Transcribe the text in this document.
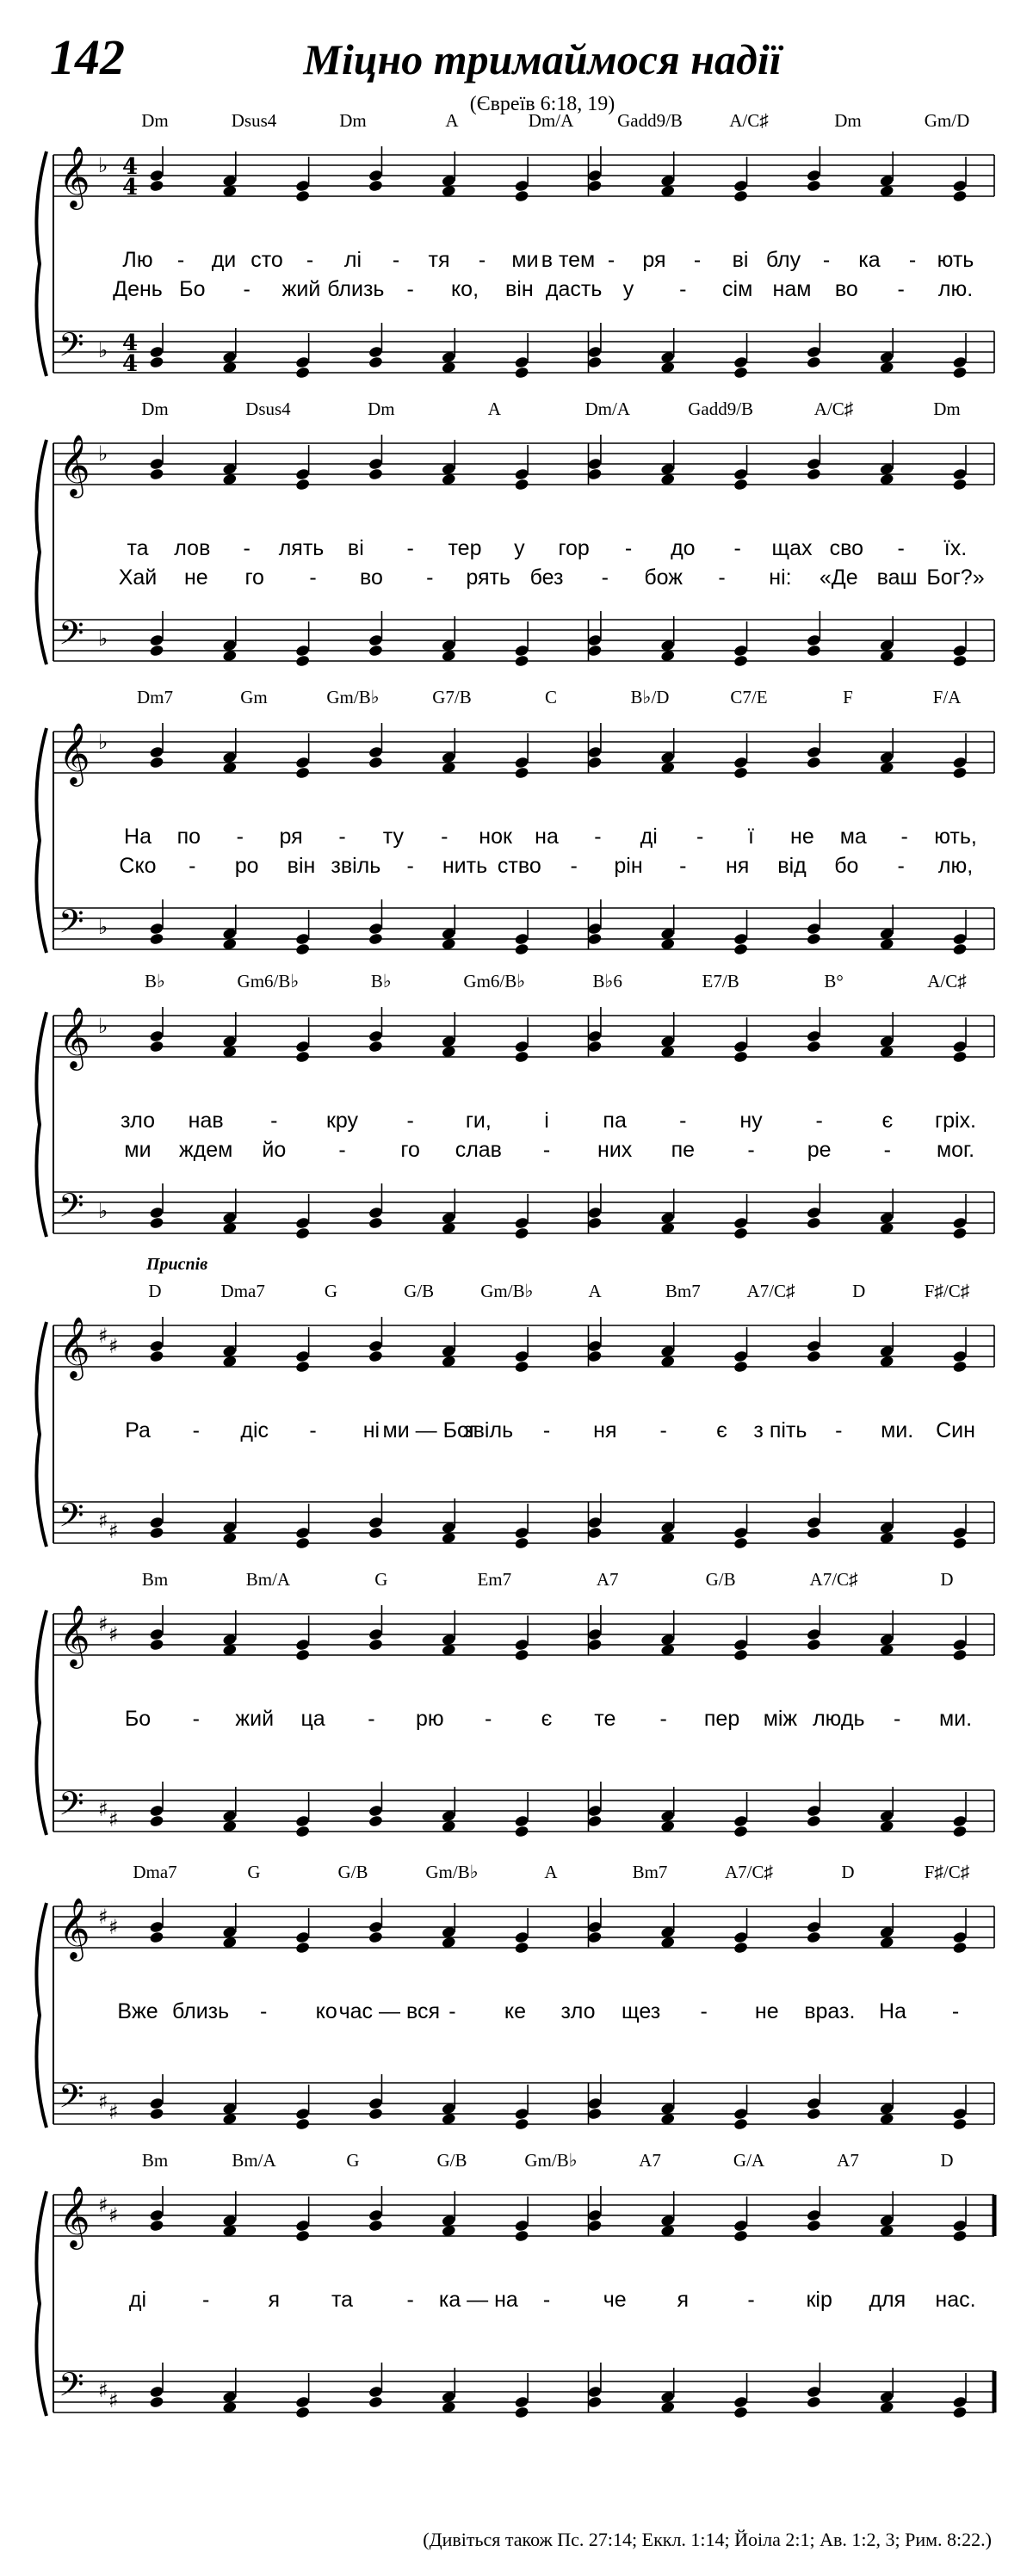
142	Міцно тримаймося надії
(Євреїв 6:18, 19)
𝄞
𝄢
♭
♭
4
4
4
4
Dm	Dsus4	Dm	A	Dm/A Gadd9/B	A/C♯	Dm	Gm/D
Лю - ди сто - лі - тя - ми в тем - ря - ві блу - ка - ють
День Бо - жий близь - ко, він дасть у - сім нам во - лю.
𝄞
𝄢
♭
♭
Dm	Dsus4	Dm	A	Dm/A	Gadd9/B	A/C♯	Dm
та лов - лять ві - тер у гор - до - щах сво - їх.
Хай не го - во - рять без - бож - ні: «Де ваш Бог?»
𝄞
𝄢
♭
♭
Dm7	Gm	Gm/B♭	G7/B	C	B♭/D	C7/E	F	F/A
На по - ря - ту - нок на - ді - ї не ма - ють,
Ско - ро він звіль - нить ство - рін - ня від бо - лю,
𝄞
𝄢
♭
♭
B♭	Gm6/B♭	B♭	Gm6/B♭	B♭6	E7/B	B°	A/C♯
зло нав - кру - ги, і	па - ну -	є гріх.
ми ждем йо -	го слав - них пе - ре - мог.
𝄞
𝄢
♯ ♯
♯ ♯
Приспів
D	Dma7	G	G/B	Gm/B♭	A	Bm7	A7/C♯	D	F♯/C♯
Ра - діс - ні ми — Бог
звіль - ня - є з піть - ми. Син
𝄞
𝄢
♯ ♯
♯ ♯
Bm	Bm/A	G	Em7	A7	G/B	A7/C♯	D
Бо - жий ца - рю - є те - пер між людь - ми.
𝄞
𝄢
♯ ♯
♯ ♯
Dma7	G	G/B	Gm/B♭	A	Bm7	A7/C♯	D	F♯/C♯
Вже близь - ко час — вся - ке зло щез - не враз. На -
𝄞
𝄢
♯ ♯
♯ ♯
Bm	Bm/A	G	G/B	Gm/B♭	A7	G/A	A7	D
ді	-	я та - ка — на - че я	- кір для нас.
(Дивіться також Пс. 27:14; Еккл. 1:14; Йоіла 2:1; Ав. 1:2, 3; Рим. 8:22.)
